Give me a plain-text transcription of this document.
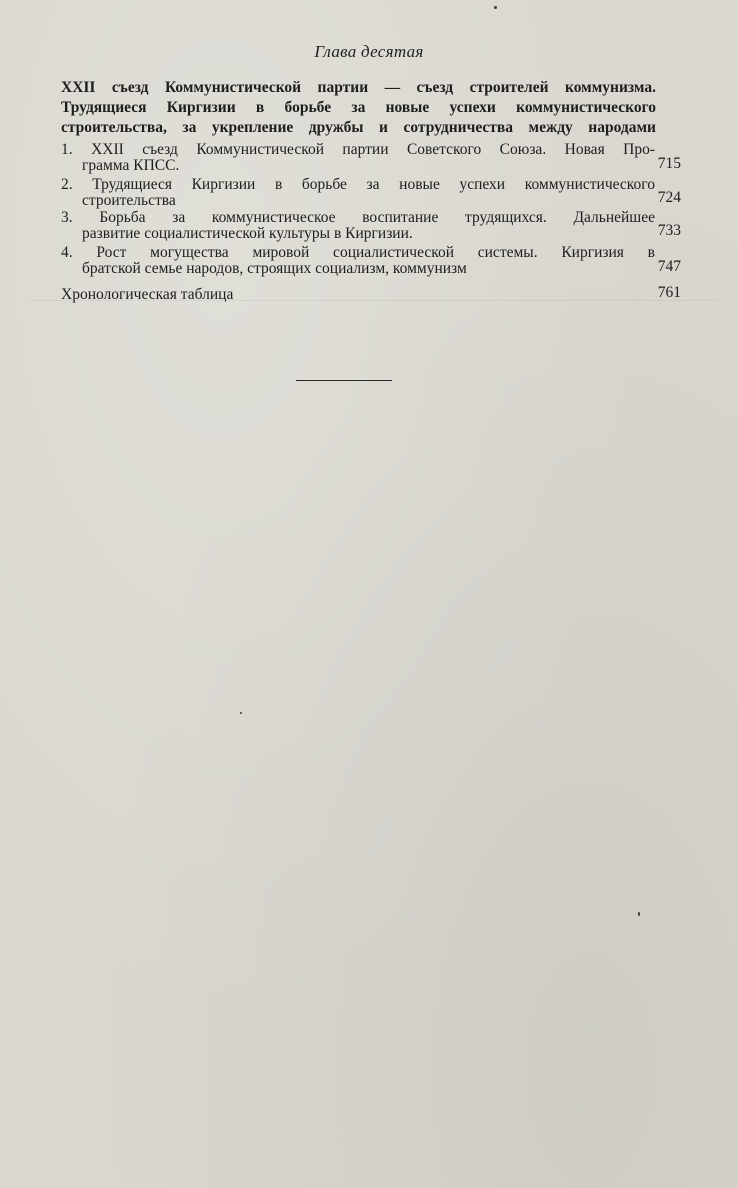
Глава десятая
XXII съезд Коммунистической партии — съезд строителей коммунизма.
Трудящиеся Киргизии в борьбе за новые успехи коммунистического
строительства, за укрепление дружбы и сотрудничества между народами
1. XXII съезд Коммунистической партии Советского Союза. Новая Про-
грамма КПСС.	715
2. Трудящиеся Киргизии в борьбе за новые успехи коммунистического
строительства	724
3. Борьба за коммунистическое воспитание трудящихся. Дальнейшее
развитие социалистической культуры в Киргизии.	733
4. Рост могущества мировой социалистической системы. Киргизия в
братской семье народов, строящих социализм, коммунизм	747
Хронологическая таблица	761
